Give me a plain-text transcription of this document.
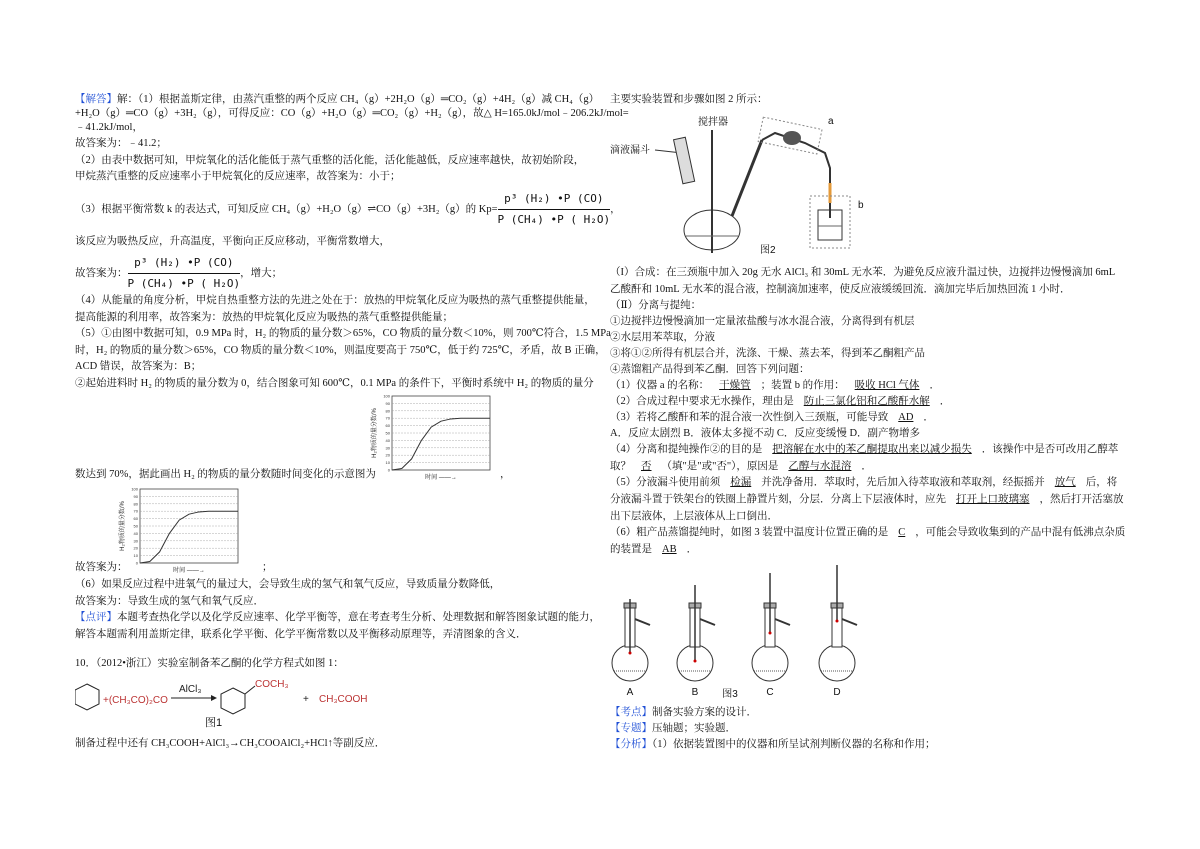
【解答】解：（1）根据盖斯定律，由蒸汽重整的两个反应 CH₄（g）+2H₂O（g）═CO₂（g）+4H₂（g）减 CH₄（g）
+H₂O（g）═CO（g）+3H₂（g），可得反应：CO（g）+H₂O（g）═CO₂（g）+H₂（g），故△ H=165.0kJ/mol﹣206.2kJ/mol=
﹣41.2kJ/mol，
故答案为：﹣41.2；
（2）由表中数据可知，甲烷氧化的活化能低于蒸气重整的活化能，活化能越低，反应速率越快，故初始阶段，
甲烷蒸汽重整的反应速率小于甲烷氧化的反应速率，故答案为：小于；
（3）根据平衡常数 k 的表达式，可知反应 CH₄（g）+H₂O（g）⇌CO（g）+3H₂（g）的 $Kp= \frac{\text{p³ (H₂) •P (CO)}}{\text{P (CH₄) •P ( H₂O)}}$ ，
该反应为吸热反应，升高温度，平衡向正反应移动，平衡常数增大，
故答案为： $\frac{\text{p³ (H₂) •P (CO)}}{\text{P (CH₄) •P ( H₂O)}}$ ，增大；
（4）从能量的角度分析，甲烷自热重整方法的先进之处在于：放热的甲烷氧化反应为吸热的蒸气重整提供能量，
提高能源的利用率，故答案为：放热的甲烷氧化反应为吸热的蒸气重整提供能量；
（5）①由图中数据可知，0.9 MPa 时，H₂ 的物质的量分数＞65%，CO 物质的量分数＜10%，则 700℃符合，1.5 MPa
时，H₂ 的物质的量分数＞65%，CO 物质的量分数＜10%，则温度要高于 750℃，低于约 725℃，矛盾，故 B 正确，
ACD 错误，故答案为：B；
②起始进料时 H₂ 的物质的量分数为 0，结合图象可知 600℃，0.1 MPa 的条件下，平衡时系统中 H₂ 的物质的量分
数达到 70%，据此画出 H₂ 的物质的量分数随时间变化的示意图为	，
0
10
20
30
40
50
60
70
80
90
100
H₂物质的量分数/%
时间 ——→
故答案为：	；
0
10
20
30
40
50
60
70
80
90
100
H₂物质的量分数/%
时间 ——→
（6）如果反应过程中进氧气的量过大，会导致生成的氢气和氧气反应，导致质量分数降低，
故答案为：导致生成的氢气和氧气反应．
【点评】本题考查热化学以及化学反应速率、化学平衡等，意在考查考生分析、处理数据和解答图象试题的能力，
解答本题需利用盖斯定律，联系化学平衡、化学平衡常数以及平衡移动原理等，弄清图象的含义．
10．（2012•浙江）实验室制备苯乙酮的化学方程式如图 1：
+(CH₃CO)₂CO
AlCl₃	COCH₃
+ CH₃COOH
图1
制备过程中还有 CH₃COOH+AlCl₃→CH₃COOAlCl₂+HCl↑等副反应．
主要实验装置和步骤如图 2 所示：
滴液漏斗
搅拌器	a
b
图2
（I）合成：在三颈瓶中加入 20g 无水 AlCl₃ 和 30mL 无水苯．为避免反应液升温过快，边搅拌边慢慢滴加 6mL
乙酸酐和 10mL 无水苯的混合液，控制滴加速率，使反应液缓缓回流．滴加完毕后加热回流 1 小时．
（Ⅱ）分离与提纯：
①边搅拌边慢慢滴加一定量浓盐酸与冰水混合液，分离得到有机层
②水层用苯萃取，分液
③将①②所得有机层合并，洗涤、干燥、蒸去苯，得到苯乙酮粗产品
④蒸馏粗产品得到苯乙酮．回答下列问题：
（1）仪器 a 的名称： 干燥管 ；装置 b 的作用： 吸收 HCl 气体 ．
（2）合成过程中要求无水操作，理由是 防止三氯化铝和乙酸酐水解 ．
（3）若将乙酸酐和苯的混合液一次性倒入三颈瓶，可能导致 AD ．
A．反应太剧烈 B．液体太多搅不动 C．反应变缓慢 D．副产物增多
（4）分离和提纯操作②的目的是 把溶解在水中的苯乙酮提取出来以减少损失 ．该操作中是否可改用乙醇萃
取？ 否 （填"是"或"否"），原因是 乙醇与水混溶 ．
（5）分液漏斗使用前须 检漏 并洗净备用．萃取时，先后加入待萃取液和萃取剂，经振摇并 放气 后，将
分液漏斗置于铁架台的铁圈上静置片刻，分层．分离上下层液体时，应先 打开上口玻璃塞 ，然后打开活塞放
出下层液体，上层液体从上口倒出．
（6）粗产品蒸馏提纯时，如图 3 装置中温度计位置正确的是 C ，可能会导致收集到的产品中混有低沸点杂质
的装置是 AB ．
A	B	C	D
图3
【考点】制备实验方案的设计．
【专题】压轴题；实验题．
【分析】（1）依据装置图中的仪器和所呈试剂判断仪器的名称和作用；
